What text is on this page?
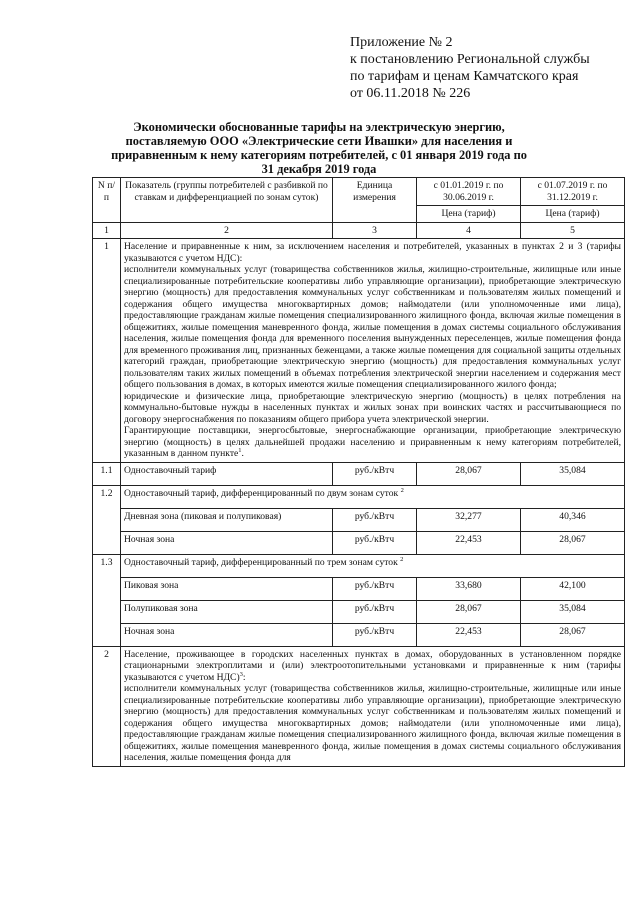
Приложение № 2
к постановлению Региональной службы
по тарифам и ценам Камчатского края
от 06.11.2018 № 226
Экономически обоснованные тарифы на электрическую энергию, поставляемую ООО «Электрические сети Ивашки» для населения и приравненным к нему категориям потребителей, с 01 января 2019 года по 31 декабря 2019 года
N п/п	Показатель (группы потребителей с разбивкой по ставкам и дифференциацией по зонам суток)	Единица измерения	с 01.01.2019 г. по 30.06.2019 г.	с 01.07.2019 г. по 31.12.2019 г.
			Цена (тариф)	Цена (тариф)
1	2	3	4	5
1	Население и приравненные к ним, за исключением населения и потребителей, указанных в пунктах 2 и 3 (тарифы указываются с учетом НДС):

исполнители коммунальных услуг (товарищества собственников жилья, жилищно-строительные, жилищные или иные специализированные потребительские кооперативы либо управляющие организации), приобретающие электрическую энергию (мощность) для предоставления коммунальных услуг собственникам и пользователям жилых помещений и содержания общего имущества многоквартирных домов; наймодатели (или уполномоченные ими лица), предоставляющие гражданам жилые помещения специализированного жилищного фонда, включая жилые помещения в общежитиях, жилые помещения маневренного фонда, жилые помещения в домах системы социального обслуживания населения, жилые помещения фонда для временного поселения вынужденных переселенцев, жилые помещения фонда для временного проживания лиц, признанных беженцами, а также жилые помещения для социальной защиты отдельных категорий граждан, приобретающие электрическую энергию (мощность) для предоставления коммунальных услуг пользователям таких жилых помещений в объемах потребления электрической энергии населением и содержания мест общего пользования в домах, в которых имеются жилые помещения специализированного жилого фонда;

юридические и физические лица, приобретающие электрическую энергию (мощность) в целях потребления на коммунально-бытовые нужды в населенных пунктах и жилых зонах при воинских частях и рассчитывающиеся по договору энергоснабжения по показаниям общего прибора учета электрической энергии.

Гарантирующие поставщики, энергосбытовые, энергоснабжающие организации, приобретающие электрическую энергию (мощность) в целях дальнейшей продажи населению и приравненным к нему категориям потребителей, указанным в данном пункте$^1$.			

1.1	Одноставочный тариф	руб./кВтч	28,067	35,084
1.2	Одноставочный тариф, дифференцированный по двум зонам суток $^2$
	Дневная зона (пиковая и полупиковая)	руб./кВтч	32,277	40,346
	Ночная зона	руб./кВтч	22,453	28,067
1.3	Одноставочный тариф, дифференцированный по трем зонам суток $^2$
	Пиковая зона	руб./кВтч	33,680	42,100
	Полупиковая зона	руб./кВтч	28,067	35,084
	Ночная зона	руб./кВтч	22,453	28,067
2	Население, проживающее в городских населенных пунктах в домах, оборудованных в установленном порядке стационарными электроплитами и (или) электроотопительными установками и приравненные к ним (тарифы указываются с учетом НДС)$^3$:

исполнители коммунальных услуг (товарищества собственников жилья, жилищно-строительные, жилищные или иные специализированные потребительские кооперативы либо управляющие организации), приобретающие электрическую энергию (мощность) для предоставления коммунальных услуг собственникам и пользователям жилых помещений и содержания общего имущества многоквартирных домов; наймодатели (или уполномоченные ими лица), предоставляющие гражданам жилые помещения специализированного жилищного фонда, включая жилые помещения в общежитиях, жилые помещения маневренного фонда, жилые помещения в домах системы социального обслуживания населения, жилые помещения фонда для			
